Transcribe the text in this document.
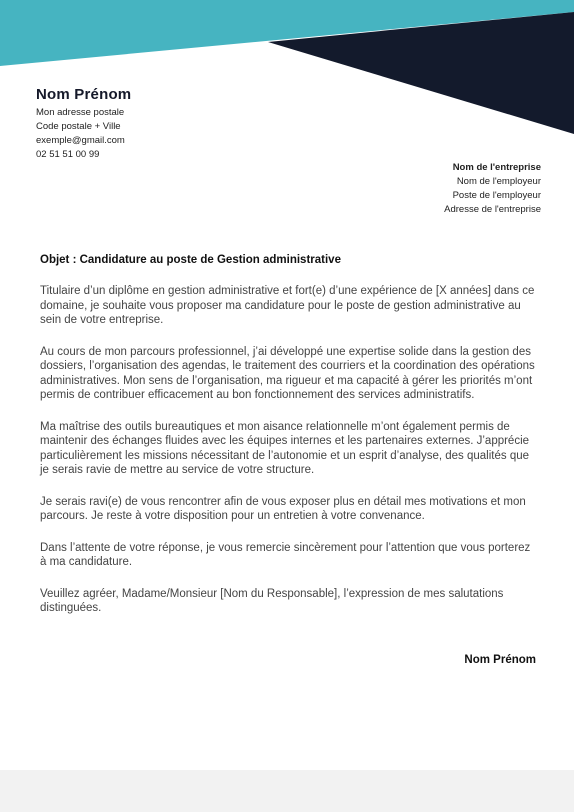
Nom Prénom
Mon adresse postale
Code postale + Ville
exemple@gmail.com
02 51 51 00 99
Nom de l'entreprise
Nom de l'employeur
Poste de l'employeur
Adresse de l'entreprise
Objet : Candidature au poste de Gestion administrative

Titulaire d’un diplôme en gestion administrative et fort(e) d’une expérience de [X années] dans ce domaine, je souhaite vous proposer ma candidature pour le poste de gestion administrative au sein de votre entreprise.

Au cours de mon parcours professionnel, j’ai développé une expertise solide dans la gestion des dossiers, l’organisation des agendas, le traitement des courriers et la coordination des opérations administratives. Mon sens de l’organisation, ma rigueur et ma capacité à gérer les priorités m’ont permis de contribuer efficacement au bon fonctionnement des services administratifs.

Ma maîtrise des outils bureautiques et mon aisance relationnelle m’ont également permis de maintenir des échanges fluides avec les équipes internes et les partenaires externes. J’apprécie particulièrement les missions nécessitant de l’autonomie et un esprit d’analyse, des qualités que je serais ravie de mettre au service de votre structure.

Je serais ravi(e) de vous rencontrer afin de vous exposer plus en détail mes motivations et mon parcours. Je reste à votre disposition pour un entretien à votre convenance.

Dans l’attente de votre réponse, je vous remercie sincèrement pour l’attention que vous porterez à ma candidature.

Veuillez agréer, Madame/Monsieur [Nom du Responsable], l’expression de mes salutations distinguées.

Nom Prénom
